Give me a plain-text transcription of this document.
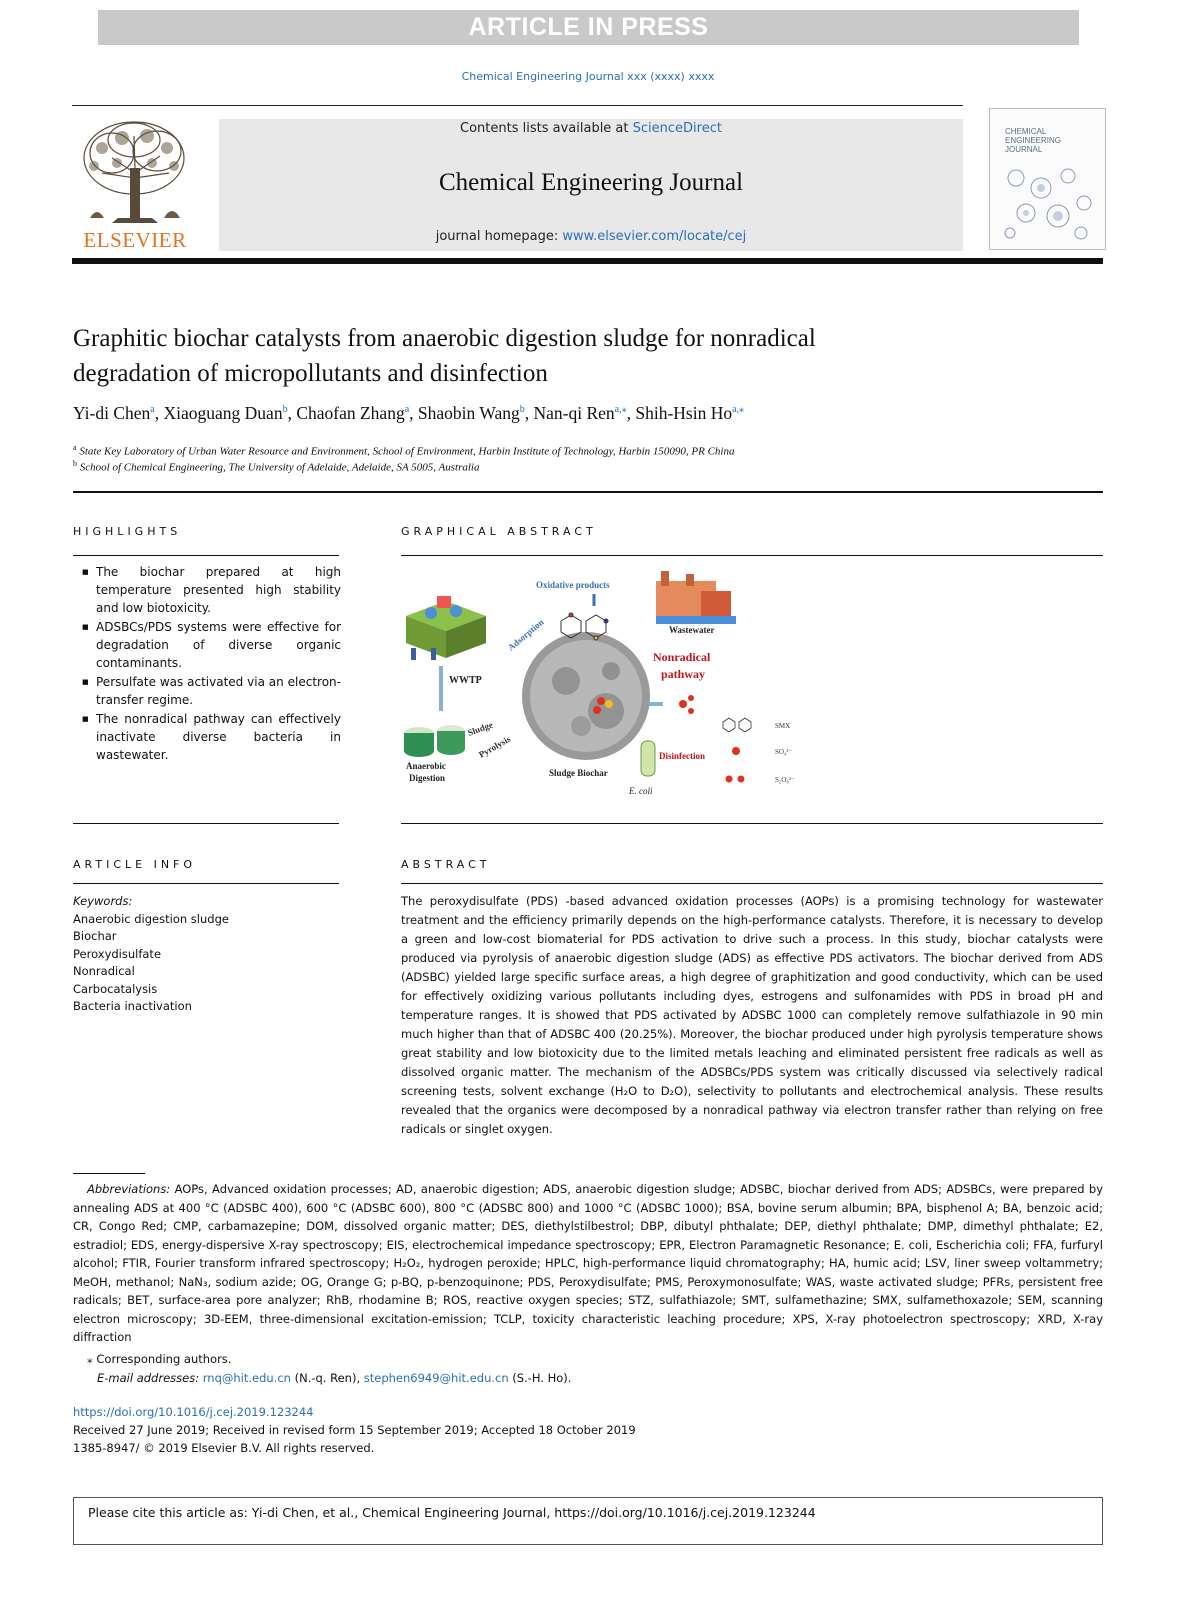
ARTICLE IN PRESS
Chemical Engineering Journal xxx (xxxx) xxxx
ELSEVIER
Contents lists available at ScienceDirect
Chemical Engineering Journal
journal homepage: www.elsevier.com/locate/cej
CHEMICAL ENGINEERING JOURNAL
Graphitic biochar catalysts from anaerobic digestion sludge for nonradical
degradation of micropollutants and disinfection
Yi-di Chen$^a$, Xiaoguang Duan$^b$, Chaofan Zhang$^a$, Shaobin Wang$^b$, Nan-qi Ren$^{a,⁎}$, Shih-Hsin $Ho^{a,⁎}$
$^a$ State Key Laboratory of Urban Water Resource and Environment, School of Environment, Harbin Institute of Technology, Harbin 150090, PR China
$^b$ School of Chemical Engineering, The University of Adelaide, Adelaide, SA 5005, Australia
HIGHLIGHTS
■ The biochar prepared at high temperature presented high stability and low biotoxicity.
■ ADSBCs/PDS systems were effective for degradation of diverse organic contaminants.
■ Persulfate was activated via an electron-transfer regime.
■ The nonradical pathway can effectively inactivate diverse bacteria in wastewater.
GRAPHICAL ABSTRACT
WWTP
Anaerobic
Digestion
Sludge
Pyrolysis
Sludge Biochar
Oxidative products
Adsorption	Wastewater
Nonradical
pathway
Disinfection
E. coli
SMX
SO₄²⁻
S₂O₈²⁻
ARTICLE INFO
Keywords:
Anaerobic digestion sludge
Biochar
Peroxydisulfate
Nonradical
Carbocatalysis
Bacteria inactivation
ABSTRACT
The peroxydisulfate (PDS) -based advanced oxidation processes (AOPs) is a promising technology for wastewater treatment and the efficiency primarily depends on the high-performance catalysts. Therefore, it is necessary to develop a green and low-cost biomaterial for PDS activation to drive such a process. In this study, biochar catalysts were produced via pyrolysis of anaerobic digestion sludge (ADS) as effective PDS activators. The biochar derived from ADS (ADSBC) yielded large specific surface areas, a high degree of graphitization and good conductivity, which can be used for effectively oxidizing various pollutants including dyes, estrogens and sulfonamides with PDS in broad pH and temperature ranges. It is showed that PDS activated by ADSBC 1000 can completely remove sulfathiazole in 90 min much higher than that of ADSBC 400 (20.25%). Moreover, the biochar produced under high pyrolysis temperature shows great stability and low biotoxicity due to the limited metals leaching and eliminated persistent free radicals as well as dissolved organic matter. The mechanism of the ADSBCs/PDS system was critically discussed via selectively radical screening tests, solvent exchange (H₂O to D₂O), selectivity to pollutants and electrochemical analysis. These results revealed that the organics were decomposed by a nonradical pathway via electron transfer rather than relying on free radicals or singlet oxygen.
Abbreviations: AOPs, Advanced oxidation processes; AD, anaerobic digestion; ADS, anaerobic digestion sludge; ADSBC, biochar derived from ADS; ADSBCs, were prepared by annealing ADS at 400 °C (ADSBC 400), 600 °C (ADSBC 600), 800 °C (ADSBC 800) and 1000 °C (ADSBC 1000); BSA, bovine serum albumin; BPA, bisphenol A; BA, benzoic acid; CR, Congo Red; CMP, carbamazepine; DOM, dissolved organic matter; DES, diethylstilbestrol; DBP, dibutyl phthalate; DEP, diethyl phthalate; DMP, dimethyl phthalate; E2, estradiol; EDS, energy-dispersive X-ray spectroscopy; EIS, electrochemical impedance spectroscopy; EPR, Electron Paramagnetic Resonance; E. coli, Escherichia coli; FFA, furfuryl alcohol; FTIR, Fourier transform infrared spectroscopy; H₂O₂, hydrogen peroxide; HPLC, high-performance liquid chromatography; HA, humic acid; LSV, liner sweep voltammetry; MeOH, methanol; NaN₃, sodium azide; OG, Orange G; p-BQ, p-benzoquinone; PDS, Peroxydisulfate; PMS, Peroxymonosulfate; WAS, waste activated sludge; PFRs, persistent free radicals; BET, surface-area pore analyzer; RhB, rhodamine B; ROS, reactive oxygen species; STZ, sulfathiazole; SMT, sulfamethazine; SMX, sulfamethoxazole; SEM, scanning electron microscopy; 3D-EEM, three-dimensional excitation-emission; TCLP, toxicity characteristic leaching procedure; XPS, X-ray photoelectron spectroscopy; XRD, X-ray diffraction
⁎ Corresponding authors.
E-mail addresses: rnq@hit.edu.cn (N.-q. Ren), stephen6949@hit.edu.cn (S.-H. Ho).
https://doi.org/10.1016/j.cej.2019.123244
Received 27 June 2019; Received in revised form 15 September 2019; Accepted 18 October 2019
1385-8947/ © 2019 Elsevier B.V. All rights reserved.
Please cite this article as: Yi-di Chen, et al., Chemical Engineering Journal, https://doi.org/10.1016/j.cej.2019.123244
